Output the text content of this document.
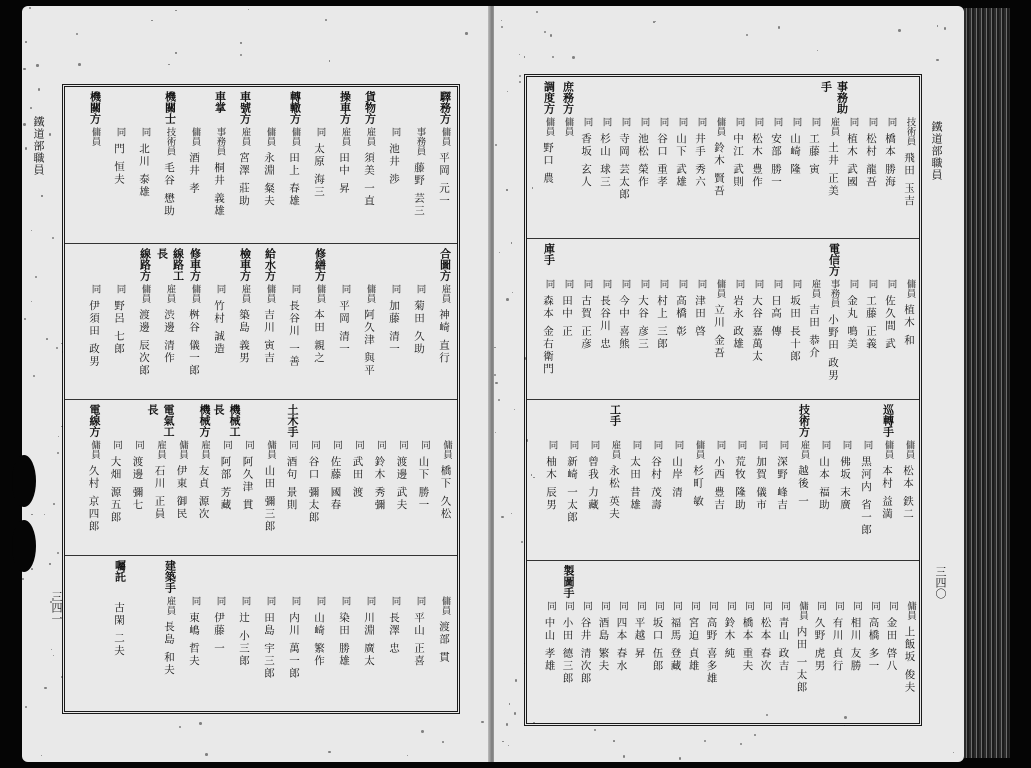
鐵道部職員
三四一
驛務方
傭員
平岡 元一
事務員
藤野 芸三
同
池井 渉
貨物方
雇員
須美 一直
操車方
雇員
田中 昇
同
太原 海三
轉轍方
傭員
田上 春雄
傭員
永淵 粲夫
車號方
雇員
宮澤 莊助
車掌
事務員
桐井 義雄
傭員
酒井 孝
機關士
技術員
毛谷 懋助
同
北川 泰雄
同
門 恒夫
機關方
傭員
合圖方
雇員
神崎 直行
同
菊田 久助
同
加藤 清一
傭員
阿久津 與平
同
平岡 清一
修繕方
傭員
本田 親之
同
長谷川 一善
給水方
傭員
吉川 寅吉
檢車方
雇員
築島 義男
同
竹村 誠造
修車方
傭員
桝谷 儀一郎
線路工長
雇員
渋邊 清作
線路方
傭員
渡邊 辰次郎
同
野呂 七郎
同
伊須田 政男
傭員
橋下 久松
同
山下 勝一
同
渡邊 武夫
同
鈴木 秀彌
同
武田 渡
同
佐藤 國春
同
谷口 彌太郎
土木手
同
酒句 景則
傭員
山田 彌三郎
同
阿久津 貫
機械工長
同
阿部 芳藏
機械方
雇員
友貞 源次
傭員
伊東 御民
電氣工長
雇員
石川 正員
同
渡邊 彌七
同
大畑 源五郎
電線方
傭員
久村 京四郎
傭員
渡部 貫
同
平山 正喜
同
長澤 忠
同
川淵 廣太
同
染田 勝雄
同
山崎 繁作
同
内川 萬一郎
同
田島 宇三郎
同
辻 小三郎
同
伊藤 一
同
東嶋 哲夫
建築手
雇員
長島 和夫
囑託
古閑 二夫
鐵道部職員
三四〇
技術員
飛田 玉吉
同
橋本 勝海
同
松村 龍吾
同
植木 武國
事務助手
雇員
土井 正美
同
工藤 寅
同
山崎 隆
同
安部 勝一
同
松木 豊作
同
中江 武則
傭員
鈴木 賢吾
同
井手 秀六
同
山下 武雄
同
谷口 重孝
同
池松 榮作
同
寺岡 芸太郎
同
杉山 球三
同
香坂 玄人
庶務方
傭員
調度方
傭員
野口 農
傭員
植木 和
同
佐久間 武
同
工藤 正義
同
金丸 鳴美
電信方
事務員
小野田 政男
雇員
吉田 恭介
同
坂田 長十郎
同
日高 傳
同
大谷 嘉萬太
同
岩永 政雄
傭員
立川 金吾
同
津田 啓
同
高橋 彰
同
村上 三郎
同
大谷 彦三
同
今中 喜熊
同
長谷川 忠
同
古賀 正彦
同
田中 正
庫手
同
森本 金右衛門
傭員
松本 鉄二
巡轉手
傭員
本村 益満
同
黒河内 省一郎
同
佛坂 末廣
同
山本 福助
技術方
雇員
越後 一
同
深野 峰吉
同
加賀 儀市
同
荒牧 隆助
同
小西 豊吉
傭員
杉町 敏
同
山岸 清
同
谷村 茂壽
同
太田 昔雄
工手
雇員
永松 英夫
同
曾我 力藏
同
新崎 一太郎
同
柚木 辰男
傭員
上飯坂 俊夫
同
金田 啓八
同
高橋 多一
同
相川 友勝
同
有川 貞行
同
久野 虎男
傭員
内田 一太郎
同
青山 政吉
同
松本 春次
同
橋本 重夫
同
鈴木 純
同
高野 喜多雄
同
宮迫 貞雄
同
福馬 登藏
同
坂口 伍郎
同
平越 昇
同
四本 春水
同
酒島 繁夫
同
谷井 清次郎
製圖手
同
小田 德三郎
同
中山 孝雄
